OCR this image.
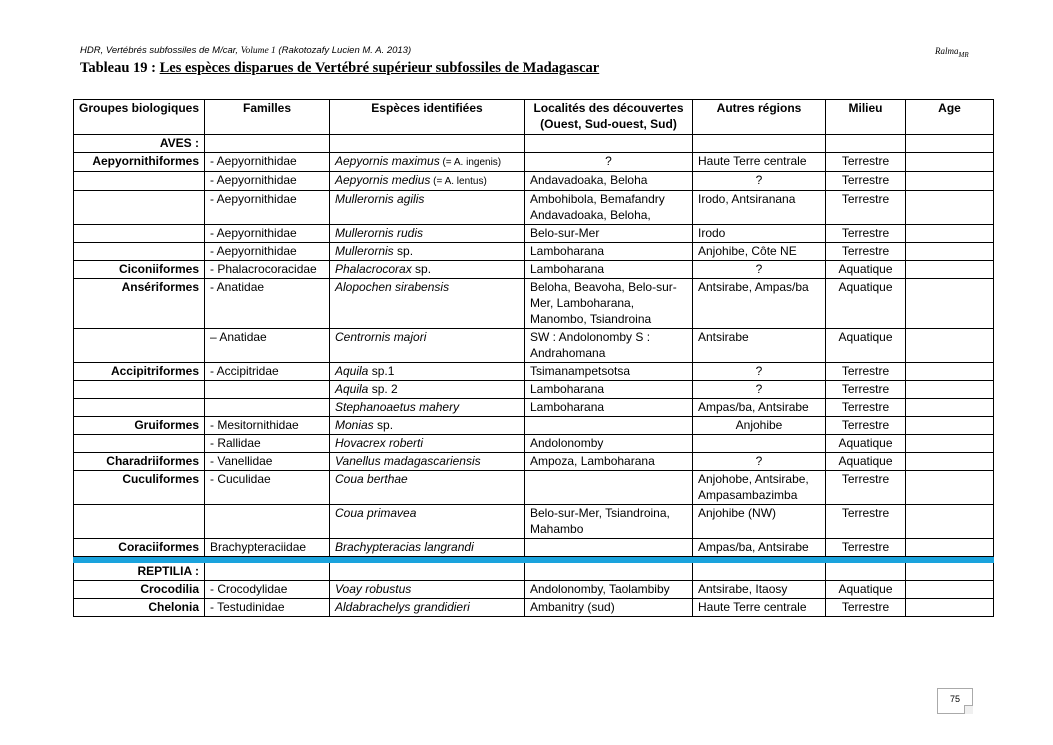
HDR, Vertébrés subfossiles de M/car, Volume 1 (Rakotozafy Lucien M. A. 2013)	Ralma$_{MR}$
Tableau 19 : Les espèces disparues de Vertébré supérieur subfossiles de Madagascar
Groupes biologiques	Familles	Espèces identifiées	Localités des découvertes (Ouest, Sud-ouest, Sud)	Autres régions	Milieu	Age
AVES :						
Aepyornithiformes	- Aepyornithidae	Aepyornis maximus (= A. ingenis)	?	Haute Terre centrale	Terrestre	
	- Aepyornithidae	Aepyornis medius (= A. lentus)	Andavadoaka, Beloha	?	Terrestre	
	- Aepyornithidae	Mullerornis agilis	Ambohibola, Bemafandry Andavadoaka, Beloha,	Irodo, Antsiranana	Terrestre	
	- Aepyornithidae	Mullerornis rudis	Belo-sur-Mer	Irodo	Terrestre	
	- Aepyornithidae	Mullerornis sp.	Lamboharana	Anjohibe, Côte NE	Terrestre	
Ciconiiformes	- Phalacrocoracidae	Phalacrocorax sp.	Lamboharana	?	Aquatique	
Ansériformes	- Anatidae	Alopochen sirabensis	Beloha, Beavoha, Belo-sur-Mer, Lamboharana, Manombo, Tsiandroina	Antsirabe, Ampas/ba	Aquatique	
	– Anatidae	Centrornis majori	SW : Andolonomby S : Andrahomana	Antsirabe	Aquatique	
Accipitriformes	- Accipitridae	Aquila sp.1	Tsimanampetsotsa	?	Terrestre	
		Aquila sp. 2	Lamboharana	?	Terrestre	
		Stephanoaetus mahery	Lamboharana	Ampas/ba, Antsirabe	Terrestre	
Gruiformes	- Mesitornithidae	Monias sp.		Anjohibe	Terrestre	
	- Rallidae	Hovacrex roberti	Andolonomby		Aquatique	
Charadriiformes	- Vanellidae	Vanellus madagascariensis	Ampoza, Lamboharana	?	Aquatique	
Cuculiformes	- Cuculidae	Coua berthae		Anjohobe, Antsirabe, Ampasambazimba	Terrestre	
		Coua primavea	Belo-sur-Mer, Tsiandroina, Mahambo	Anjohibe (NW)	Terrestre	
Coraciiformes	Brachypteraciidae	Brachypteracias langrandi		Ampas/ba, Antsirabe	Terrestre	

REPTILIA :						
Crocodilia	- Crocodylidae	Voay robustus	Andolonomby, Taolambiby	Antsirabe, Itaosy	Aquatique	
Chelonia	- Testudinidae	Aldabrachelys grandidieri	Ambanitry (sud)	Haute Terre centrale	Terrestre	
75
